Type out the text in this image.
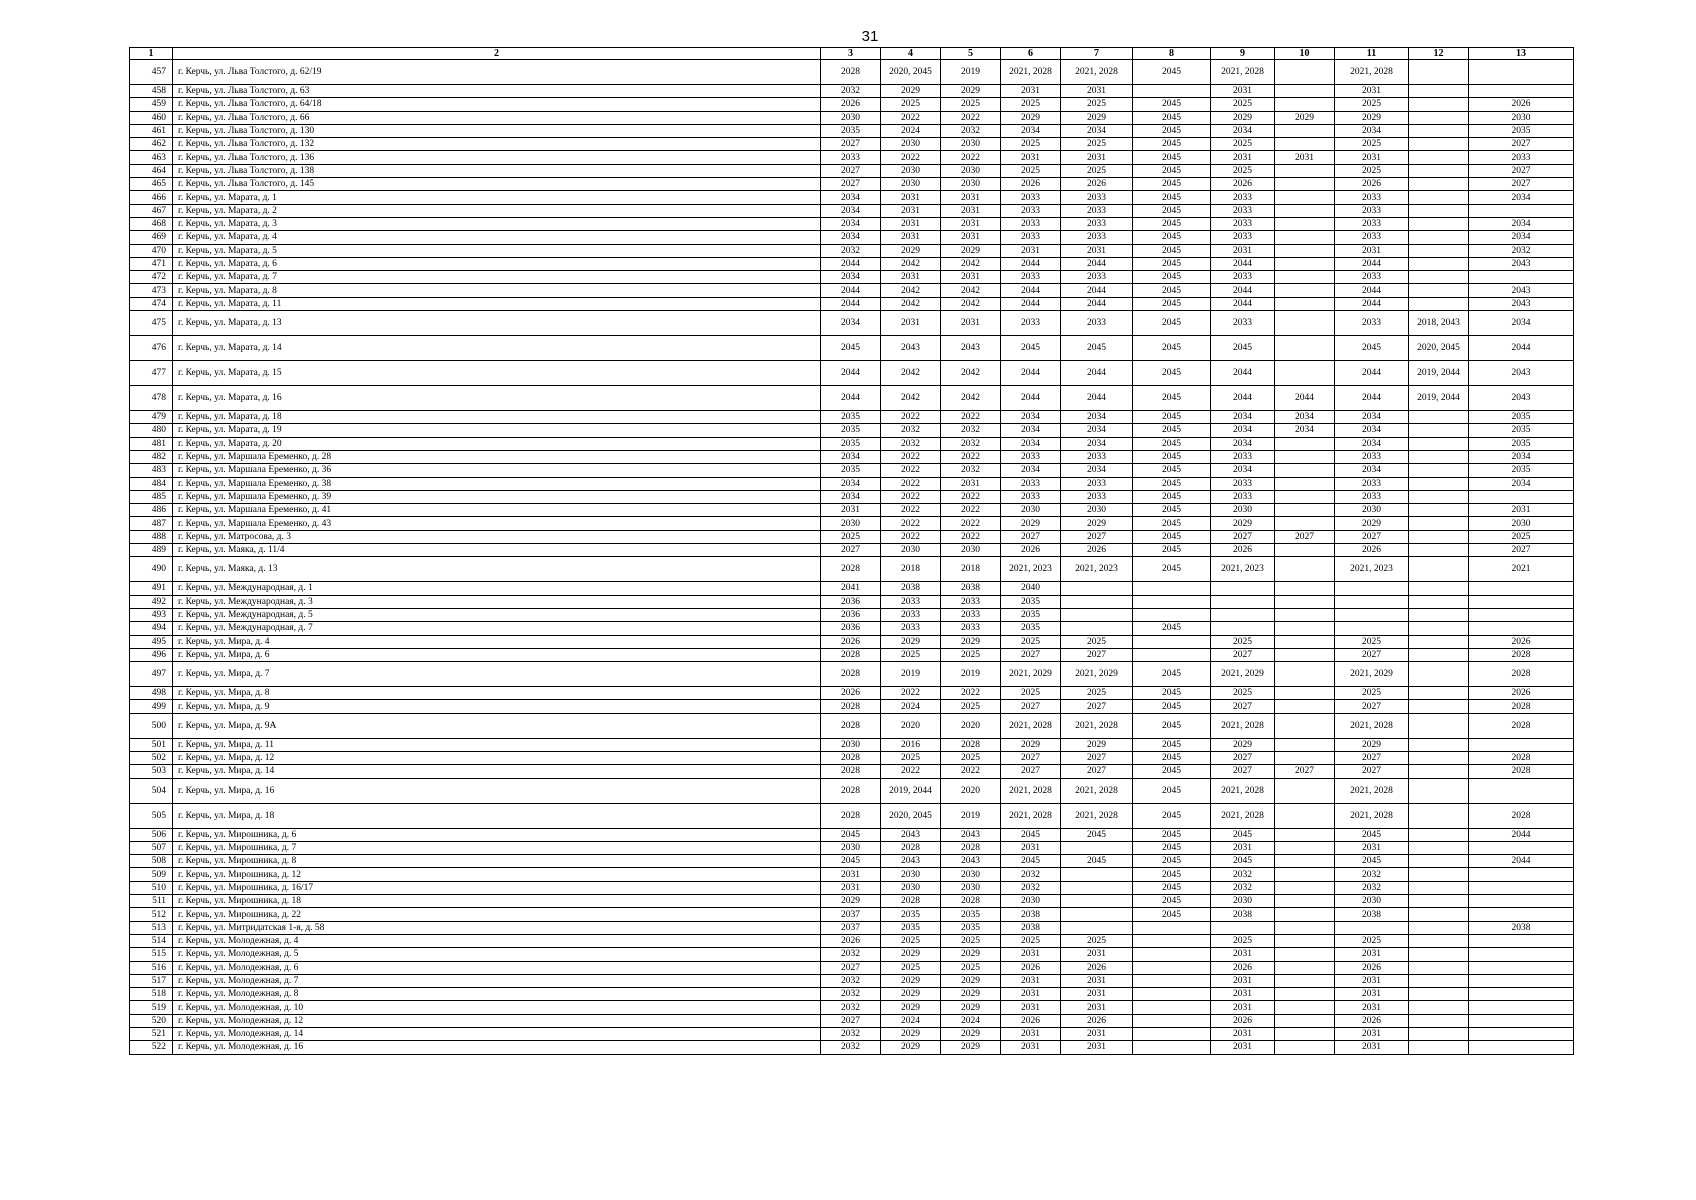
31
1	2	3	4	5	6	7	8	9	10	11	12	13
457	г. Керчь, ул. Льва Толстого, д. 62/19	2028	2020, 2045	2019	2021, 2028	2021, 2028	2045	2021, 2028		2021, 2028		
458	г. Керчь, ул. Льва Толстого, д. 63	2032	2029	2029	2031	2031		2031		2031		
459	г. Керчь, ул. Льва Толстого, д. 64/18	2026	2025	2025	2025	2025	2045	2025		2025		2026
460	г. Керчь, ул. Льва Толстого, д. 66	2030	2022	2022	2029	2029	2045	2029	2029	2029		2030
461	г. Керчь, ул. Льва Толстого, д. 130	2035	2024	2032	2034	2034	2045	2034		2034		2035
462	г. Керчь, ул. Льва Толстого, д. 132	2027	2030	2030	2025	2025	2045	2025		2025		2027
463	г. Керчь, ул. Льва Толстого, д. 136	2033	2022	2022	2031	2031	2045	2031	2031	2031		2033
464	г. Керчь, ул. Льва Толстого, д. 138	2027	2030	2030	2025	2025	2045	2025		2025		2027
465	г. Керчь, ул. Льва Толстого, д. 145	2027	2030	2030	2026	2026	2045	2026		2026		2027
466	г. Керчь, ул. Марата, д. 1	2034	2031	2031	2033	2033	2045	2033		2033		2034
467	г. Керчь, ул. Марата, д. 2	2034	2031	2031	2033	2033	2045	2033		2033		
468	г. Керчь, ул. Марата, д. 3	2034	2031	2031	2033	2033	2045	2033		2033		2034
469	г. Керчь, ул. Марата, д. 4	2034	2031	2031	2033	2033	2045	2033		2033		2034
470	г. Керчь, ул. Марата, д. 5	2032	2029	2029	2031	2031	2045	2031		2031		2032
471	г. Керчь, ул. Марата, д. 6	2044	2042	2042	2044	2044	2045	2044		2044		2043
472	г. Керчь, ул. Марата, д. 7	2034	2031	2031	2033	2033	2045	2033		2033		
473	г. Керчь, ул. Марата, д. 8	2044	2042	2042	2044	2044	2045	2044		2044		2043
474	г. Керчь, ул. Марата, д. 11	2044	2042	2042	2044	2044	2045	2044		2044		2043
475	г. Керчь, ул. Марата, д. 13	2034	2031	2031	2033	2033	2045	2033		2033	2018, 2043	2034
476	г. Керчь, ул. Марата, д. 14	2045	2043	2043	2045	2045	2045	2045		2045	2020, 2045	2044
477	г. Керчь, ул. Марата, д. 15	2044	2042	2042	2044	2044	2045	2044		2044	2019, 2044	2043
478	г. Керчь, ул. Марата, д. 16	2044	2042	2042	2044	2044	2045	2044	2044	2044	2019, 2044	2043
479	г. Керчь, ул. Марата, д. 18	2035	2022	2022	2034	2034	2045	2034	2034	2034		2035
480	г. Керчь, ул. Марата, д. 19	2035	2032	2032	2034	2034	2045	2034	2034	2034		2035
481	г. Керчь, ул. Марата, д. 20	2035	2032	2032	2034	2034	2045	2034		2034		2035
482	г. Керчь, ул. Маршала Еременко, д. 28	2034	2022	2022	2033	2033	2045	2033		2033		2034
483	г. Керчь, ул. Маршала Еременко, д. 36	2035	2022	2032	2034	2034	2045	2034		2034		2035
484	г. Керчь, ул. Маршала Еременко, д. 38	2034	2022	2031	2033	2033	2045	2033		2033		2034
485	г. Керчь, ул. Маршала Еременко, д. 39	2034	2022	2022	2033	2033	2045	2033		2033		
486	г. Керчь, ул. Маршала Еременко, д. 41	2031	2022	2022	2030	2030	2045	2030		2030		2031
487	г. Керчь, ул. Маршала Еременко, д. 43	2030	2022	2022	2029	2029	2045	2029		2029		2030
488	г. Керчь, ул. Матросова, д. 3	2025	2022	2022	2027	2027	2045	2027	2027	2027		2025
489	г. Керчь, ул. Маяка, д. 11/4	2027	2030	2030	2026	2026	2045	2026		2026		2027
490	г. Керчь, ул. Маяка, д. 13	2028	2018	2018	2021, 2023	2021, 2023	2045	2021, 2023		2021, 2023		2021
491	г. Керчь, ул. Международная, д. 1	2041	2038	2038	2040							
492	г. Керчь, ул. Международная, д. 3	2036	2033	2033	2035							
493	г. Керчь, ул. Международная, д. 5	2036	2033	2033	2035							
494	г. Керчь, ул. Международная, д. 7	2036	2033	2033	2035		2045					
495	г. Керчь, ул. Мира, д. 4	2026	2029	2029	2025	2025		2025		2025		2026
496	г. Керчь, ул. Мира, д. 6	2028	2025	2025	2027	2027		2027		2027		2028
497	г. Керчь, ул. Мира, д. 7	2028	2019	2019	2021, 2029	2021, 2029	2045	2021, 2029		2021, 2029		2028
498	г. Керчь, ул. Мира, д. 8	2026	2022	2022	2025	2025	2045	2025		2025		2026
499	г. Керчь, ул. Мира, д. 9	2028	2024	2025	2027	2027	2045	2027		2027		2028
500	г. Керчь, ул. Мира, д. 9А	2028	2020	2020	2021, 2028	2021, 2028	2045	2021, 2028		2021, 2028		2028
501	г. Керчь, ул. Мира, д. 11	2030	2016	2028	2029	2029	2045	2029		2029		
502	г. Керчь, ул. Мира, д. 12	2028	2025	2025	2027	2027	2045	2027		2027		2028
503	г. Керчь, ул. Мира, д. 14	2028	2022	2022	2027	2027	2045	2027	2027	2027		2028
504	г. Керчь, ул. Мира, д. 16	2028	2019, 2044	2020	2021, 2028	2021, 2028	2045	2021, 2028		2021, 2028		
505	г. Керчь, ул. Мира, д. 18	2028	2020, 2045	2019	2021, 2028	2021, 2028	2045	2021, 2028		2021, 2028		2028
506	г. Керчь, ул. Мирошника, д. 6	2045	2043	2043	2045	2045	2045	2045		2045		2044
507	г. Керчь, ул. Мирошника, д. 7	2030	2028	2028	2031		2045	2031		2031		
508	г. Керчь, ул. Мирошника, д. 8	2045	2043	2043	2045	2045	2045	2045		2045		2044
509	г. Керчь, ул. Мирошника, д. 12	2031	2030	2030	2032		2045	2032		2032		
510	г. Керчь, ул. Мирошника, д. 16/17	2031	2030	2030	2032		2045	2032		2032		
511	г. Керчь, ул. Мирошника, д. 18	2029	2028	2028	2030		2045	2030		2030		
512	г. Керчь, ул. Мирошника, д. 22	2037	2035	2035	2038		2045	2038		2038		
513	г. Керчь, ул. Митридатская 1-я, д. 58	2037	2035	2035	2038							2038
514	г. Керчь, ул. Молодежная, д. 4	2026	2025	2025	2025	2025		2025		2025		
515	г. Керчь, ул. Молодежная, д. 5	2032	2029	2029	2031	2031		2031		2031		
516	г. Керчь, ул. Молодежная, д. 6	2027	2025	2025	2026	2026		2026		2026		
517	г. Керчь, ул. Молодежная, д. 7	2032	2029	2029	2031	2031		2031		2031		
518	г. Керчь, ул. Молодежная, д. 8	2032	2029	2029	2031	2031		2031		2031		
519	г. Керчь, ул. Молодежная, д. 10	2032	2029	2029	2031	2031		2031		2031		
520	г. Керчь, ул. Молодежная, д. 12	2027	2024	2024	2026	2026		2026		2026		
521	г. Керчь, ул. Молодежная, д. 14	2032	2029	2029	2031	2031		2031		2031		
522	г. Керчь, ул. Молодежная, д. 16	2032	2029	2029	2031	2031		2031		2031		
